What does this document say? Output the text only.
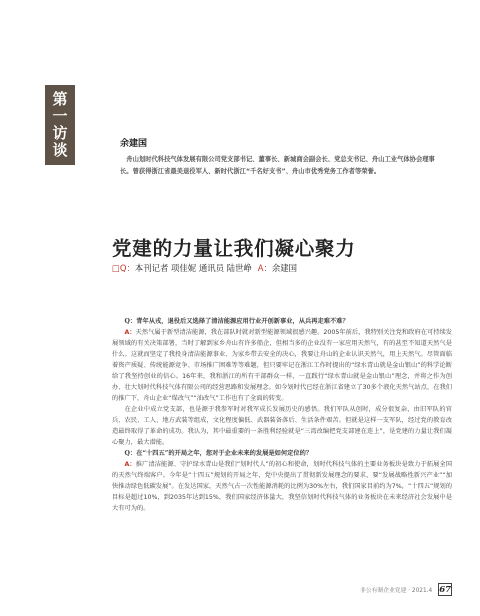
第
一
访
谈	余建国
舟山划时代科技气体发展有限公司党支部书记、董事长、新城商会副会长、党总支书记、舟山工业气体协会理事长。曾获得浙江省最美退役军人、新时代浙江“千名好支书”、舟山市优秀党务工作者等荣誉。
党建的力量让我们凝心聚力
□Q：本刊记者 项佳妮 通讯员 陆世峥 A：余建国

Q：青年从戎，退役后又选择了清洁能源应用行业开创新事业，从兵再走难不难？

A：天然气属于新型清洁能源，我在部队时就对新型能源领域很感兴趣。2005年前后，我特别关注党和政府在可持续发展领域的有关决策部署，当时了解到家乡舟山有许多船企，但相当多的企业没有一家应用天然气，有的甚至不知道天然气是什么。这就而坚定了我投身清洁能源事业、为家乡带去安全的决心，我要让舟山的企业认识天然气，用上天然气。尽管面临着资产质疑、传统能源竞争、市场推广困难等等难题，但只要牢记在浙江工作时提出的“绿水青山就是金山银山”的科学论断给了我坚持创业的信心。16年来，我和浙江的所有干部群众一样，一直践行“绿水青山就是金山银山”理念，并将之作为创办、壮大划时代科技气体有限公司的经营思路和发展理念。如今划时代已经在浙江省建立了30多个液化天然气站点，在我们的推广下，舟山企业“煤改气”“油改气”工作也有了全面的转变。

在企业中成立党支部，也是源于我参军时对我军成长发展历史的感悟。我们军队从创时，成分很复杂，由旧军队的官兵、农民、工人、地方武装等组成，文化程度偏低、武器装备落后、生活条件艰苦。但就是这样一支军队，经过党的教育改造最终取得了革命的成功。我认为，其中最重要的一条胜利经验就是“三湾改编把党支部建在连上”，是党建的力量让我们凝心聚力，最大潜能。

Q：在“十四五”的开局之年，您对于企业未来的发展是如何定位的？

A：推广清洁能源、守护绿水青山是我们“划时代人”的初心和使命，划时代科技气体的主要业务板块是致力于拓展全国的天然气终端客户。今年是“十四五”规划的开局之年，党中央提出了贯彻新发展理念的要求，要“发展战略性新兴产业”“加快推动绿色低碳发展”。在发达国家，天然气占一次性能源消耗的比例为30%左右，我们国家目前约为7%，“十四五”规划的目标是超过10%，到2035年达到15%，我们国家经济体量大，我坚信划时代科技气体的业务板块在未来经济社会发展中是大有可为的。

非公有制企业党建 · 2021.4 67
